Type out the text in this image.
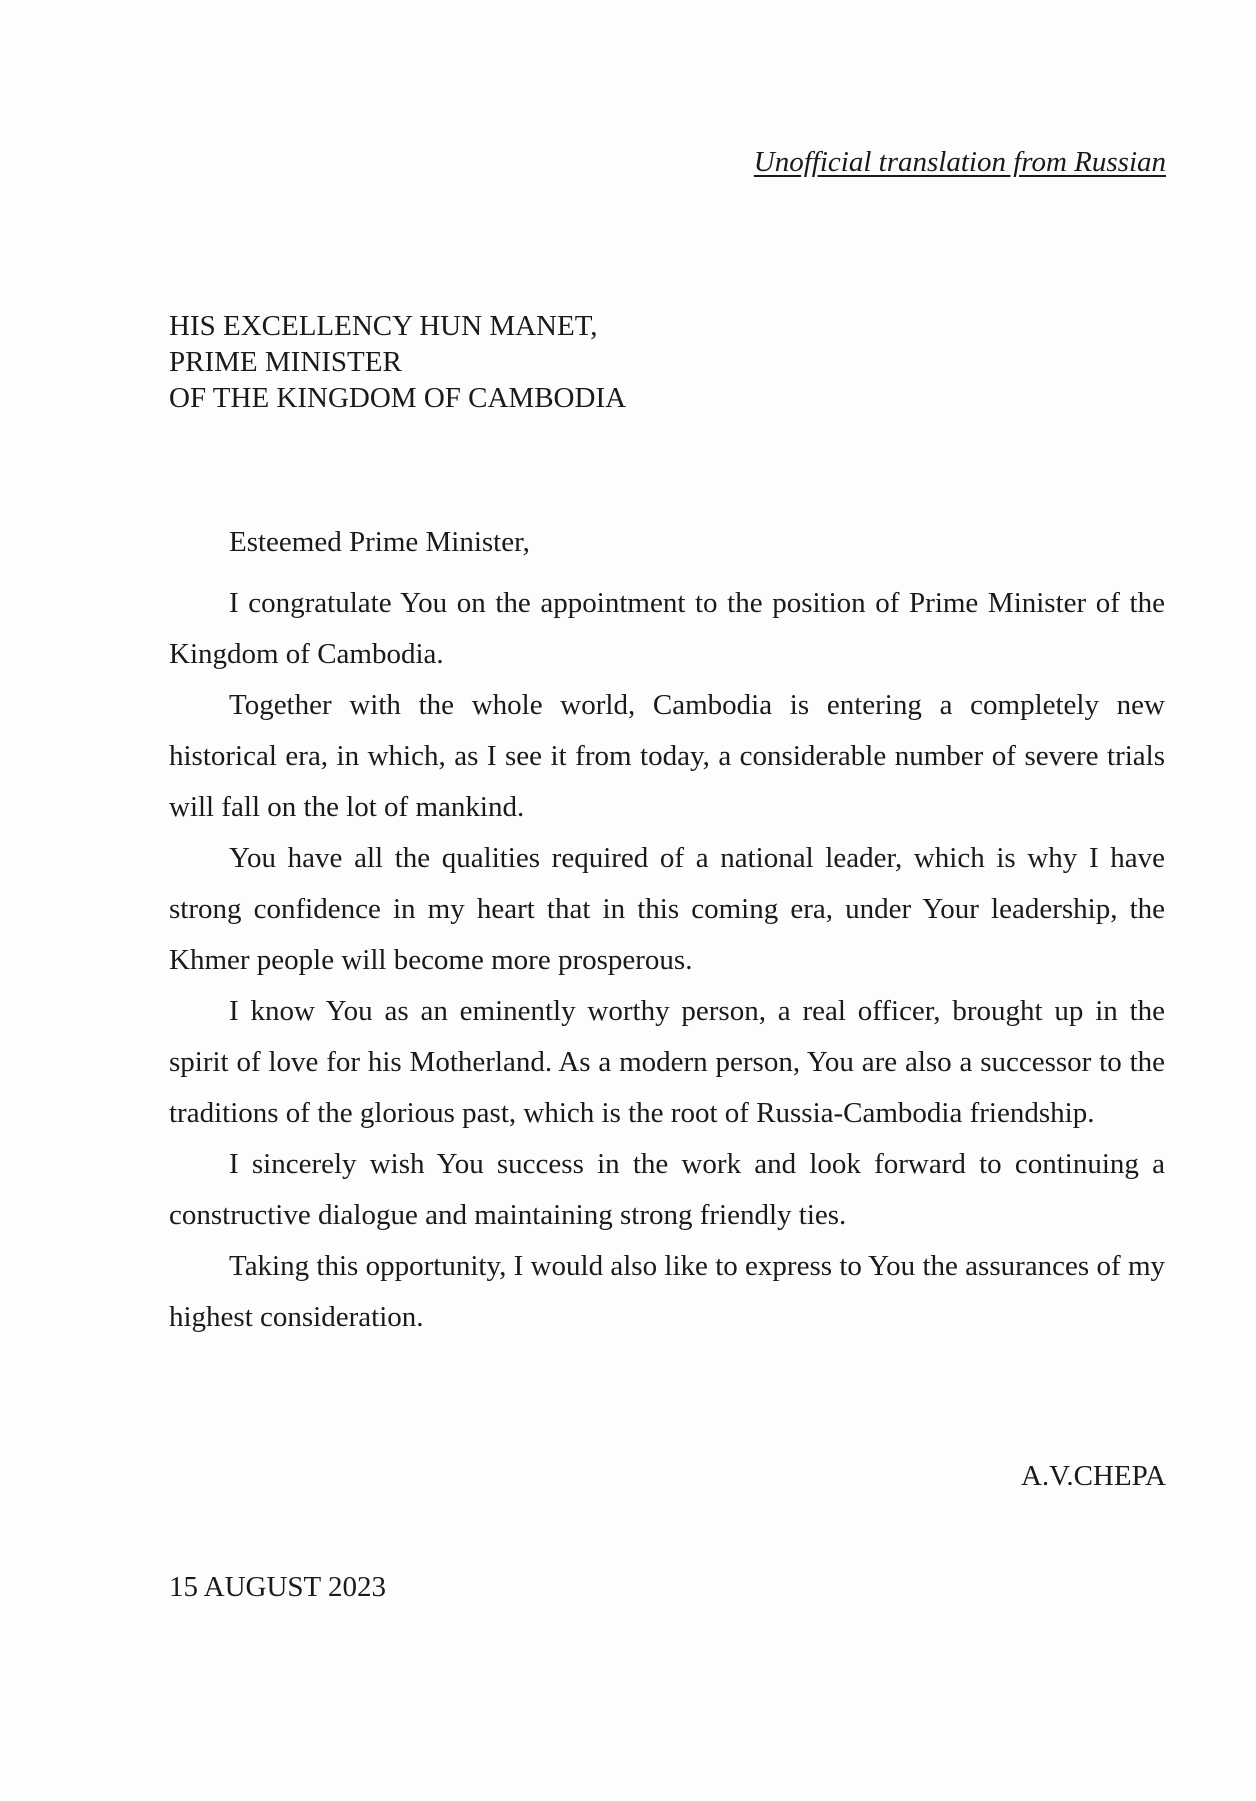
Unofficial translation from Russian
HIS EXCELLENCY HUN MANET,
PRIME MINISTER
OF THE KINGDOM OF CAMBODIA
Esteemed Prime Minister,

I congratulate You on the appointment to the position of Prime Minister of the Kingdom of Cambodia.

Together with the whole world, Cambodia is entering a completely new historical era, in which, as I see it from today, a considerable number of severe trials will fall on the lot of mankind.

You have all the qualities required of a national leader, which is why I have strong confidence in my heart that in this coming era, under Your leadership, the Khmer people will become more prosperous.

I know You as an eminently worthy person, a real officer, brought up in the spirit of love for his Motherland. As a modern person, You are also a successor to the traditions of the glorious past, which is the root of Russia-Cambodia friendship.

I sincerely wish You success in the work and look forward to continuing a constructive dialogue and maintaining strong friendly ties.

Taking this opportunity, I would also like to express to You the assurances of my highest consideration.

A.V.CHEPA
15 AUGUST 2023
